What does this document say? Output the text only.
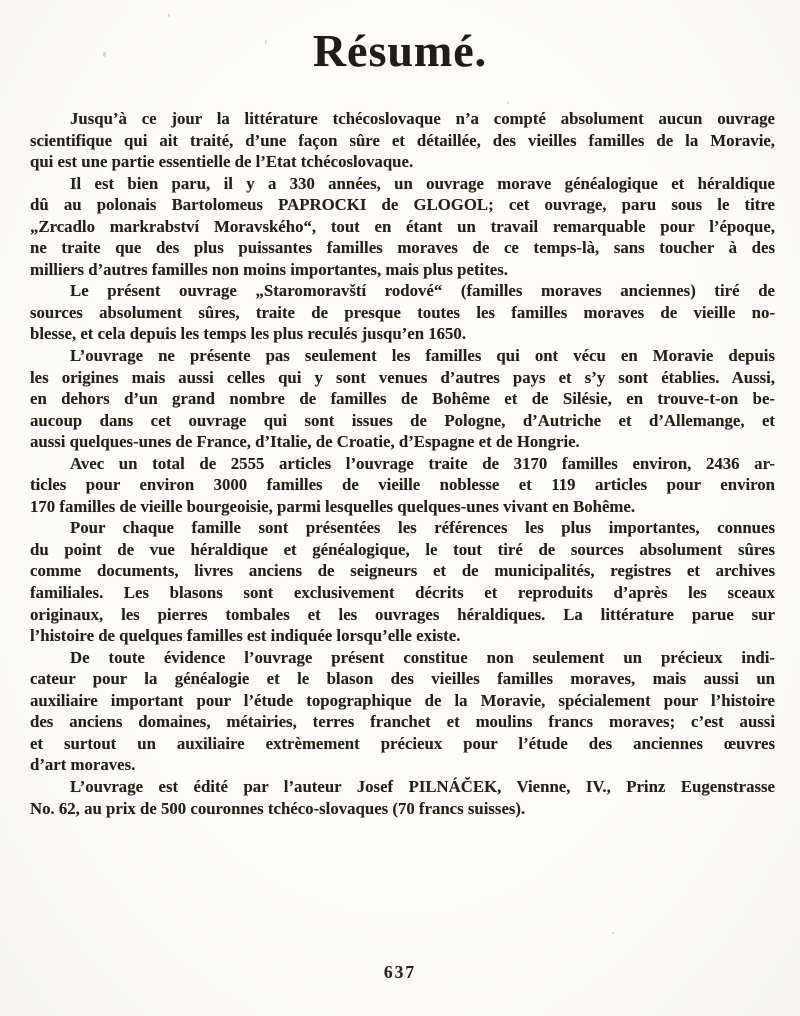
Résumé.
Jusqu’à ce jour la littérature tchécoslovaque n’a compté absolument aucun ouvrage
scientifique qui ait traité, d’une façon sûre et détaillée, des vieilles familles de la Moravie,
qui est une partie essentielle de l’Etat tchécoslovaque.
Il est bien paru, il y a 330 années, un ouvrage morave généalogique et héraldique
dû au polonais Bartolomeus PAPROCKI de GLOGOL; cet ouvrage, paru sous le titre
„Zrcadlo markrabství Moravského“, tout en étant un travail remarquable pour l’époque,
ne traite que des plus puissantes familles moraves de ce temps-là, sans toucher à des
milliers d’autres familles non moins importantes, mais plus petites.
Le présent ouvrage „Staromoravští rodové“ (familles moraves anciennes) tiré de
sources absolument sûres, traite de presque toutes les familles moraves de vieille no-
blesse, et cela depuis les temps les plus reculés jusqu’en 1650.
L’ouvrage ne présente pas seulement les familles qui ont vécu en Moravie depuis
les origines mais aussi celles qui y sont venues d’autres pays et s’y sont établies. Aussi,
en dehors d’un grand nombre de familles de Bohême et de Silésie, en trouve-t-on be-
aucoup dans cet ouvrage qui sont issues de Pologne, d’Autriche et d’Allemange, et
aussi quelques-unes de France, d’Italie, de Croatie, d’Espagne et de Hongrie.
Avec un total de 2555 articles l’ouvrage traite de 3170 familles environ, 2436 ar-
ticles pour environ 3000 familles de vieille noblesse et 119 articles pour environ
170 familles de vieille bourgeoisie, parmi lesquelles quelques-unes vivant en Bohême.
Pour chaque famille sont présentées les références les plus importantes, connues
du point de vue héraldique et généalogique, le tout tiré de sources absolument sûres
comme documents, livres anciens de seigneurs et de municipalités, registres et archives
familiales. Les blasons sont exclusivement décrits et reproduits d’après les sceaux
originaux, les pierres tombales et les ouvrages héraldiques. La littérature parue sur
l’histoire de quelques familles est indiquée lorsqu’elle existe.
De toute évidence l’ouvrage présent constitue non seulement un précieux indi-
cateur pour la généalogie et le blason des vieilles familles moraves, mais aussi un
auxiliaire important pour l’étude topographique de la Moravie, spécialement pour l’histoire
des anciens domaines, métairies, terres franchet et moulins francs moraves; c’est aussi
et surtout un auxiliaire extrèmement précieux pour l’étude des anciennes œuvres
d’art moraves.
L’ouvrage est édité par l’auteur Josef PILNÁČEK, Vienne, IV., Prinz Eugenstrasse
No. 62, au prix de 500 couronnes tchéco-slovaques (70 francs suisses).
637
